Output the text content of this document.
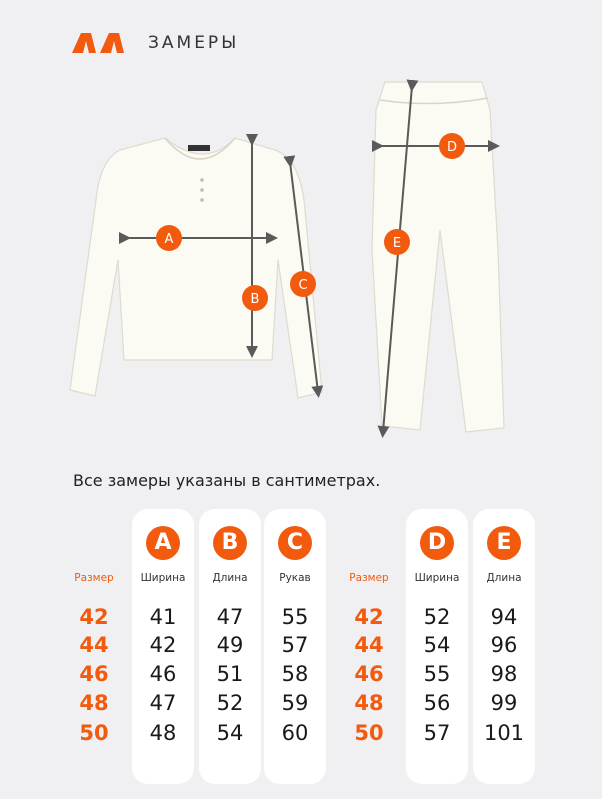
ЗАМЕРЫ
A
B
C
D
E
Все замеры указаны в сантиметрах.
Размер
42
44
46
48
50
A
Ширина
41
42
46
47
48
B
Длина
47
49
51
52
54
C
Рукав
55
57
58
59
60
Размер
42
44
46
48
50
D
Ширина
52
54
55
56
57
E
Длина
94
96
98
99
101
